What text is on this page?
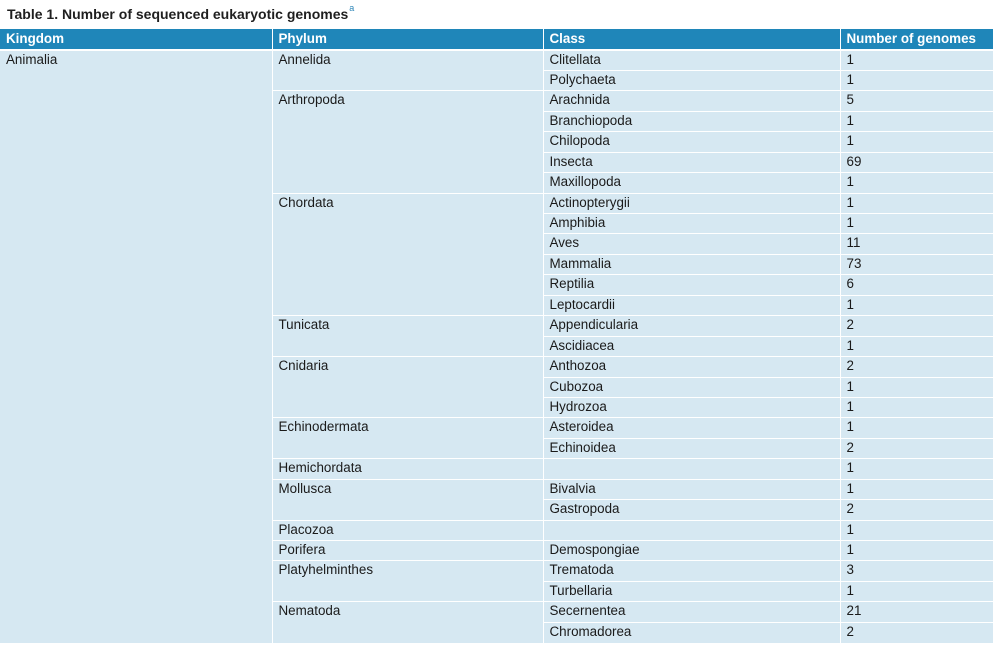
Table 1. Number of sequenced eukaryotic genomes$^a$
Kingdom	Phylum	Class	Number of genomes
Animalia	Annelida	Clitellata	1
		Polychaeta	1
	Arthropoda	Arachnida	5
		Branchiopoda	1
		Chilopoda	1
		Insecta	69
		Maxillopoda	1
	Chordata	Actinopterygii	1
		Amphibia	1
		Aves	11
		Mammalia	73
		Reptilia	6
		Leptocardii	1
	Tunicata	Appendicularia	2
		Ascidiacea	1
	Cnidaria	Anthozoa	2
		Cubozoa	1
		Hydrozoa	1
	Echinodermata	Asteroidea	1
		Echinoidea	2
	Hemichordata		1
	Mollusca	Bivalvia	1
		Gastropoda	2
	Placozoa		1
	Porifera	Demospongiae	1
	Platyhelminthes	Trematoda	3
		Turbellaria	1
	Nematoda	Secernentea	21
		Chromadorea	2
